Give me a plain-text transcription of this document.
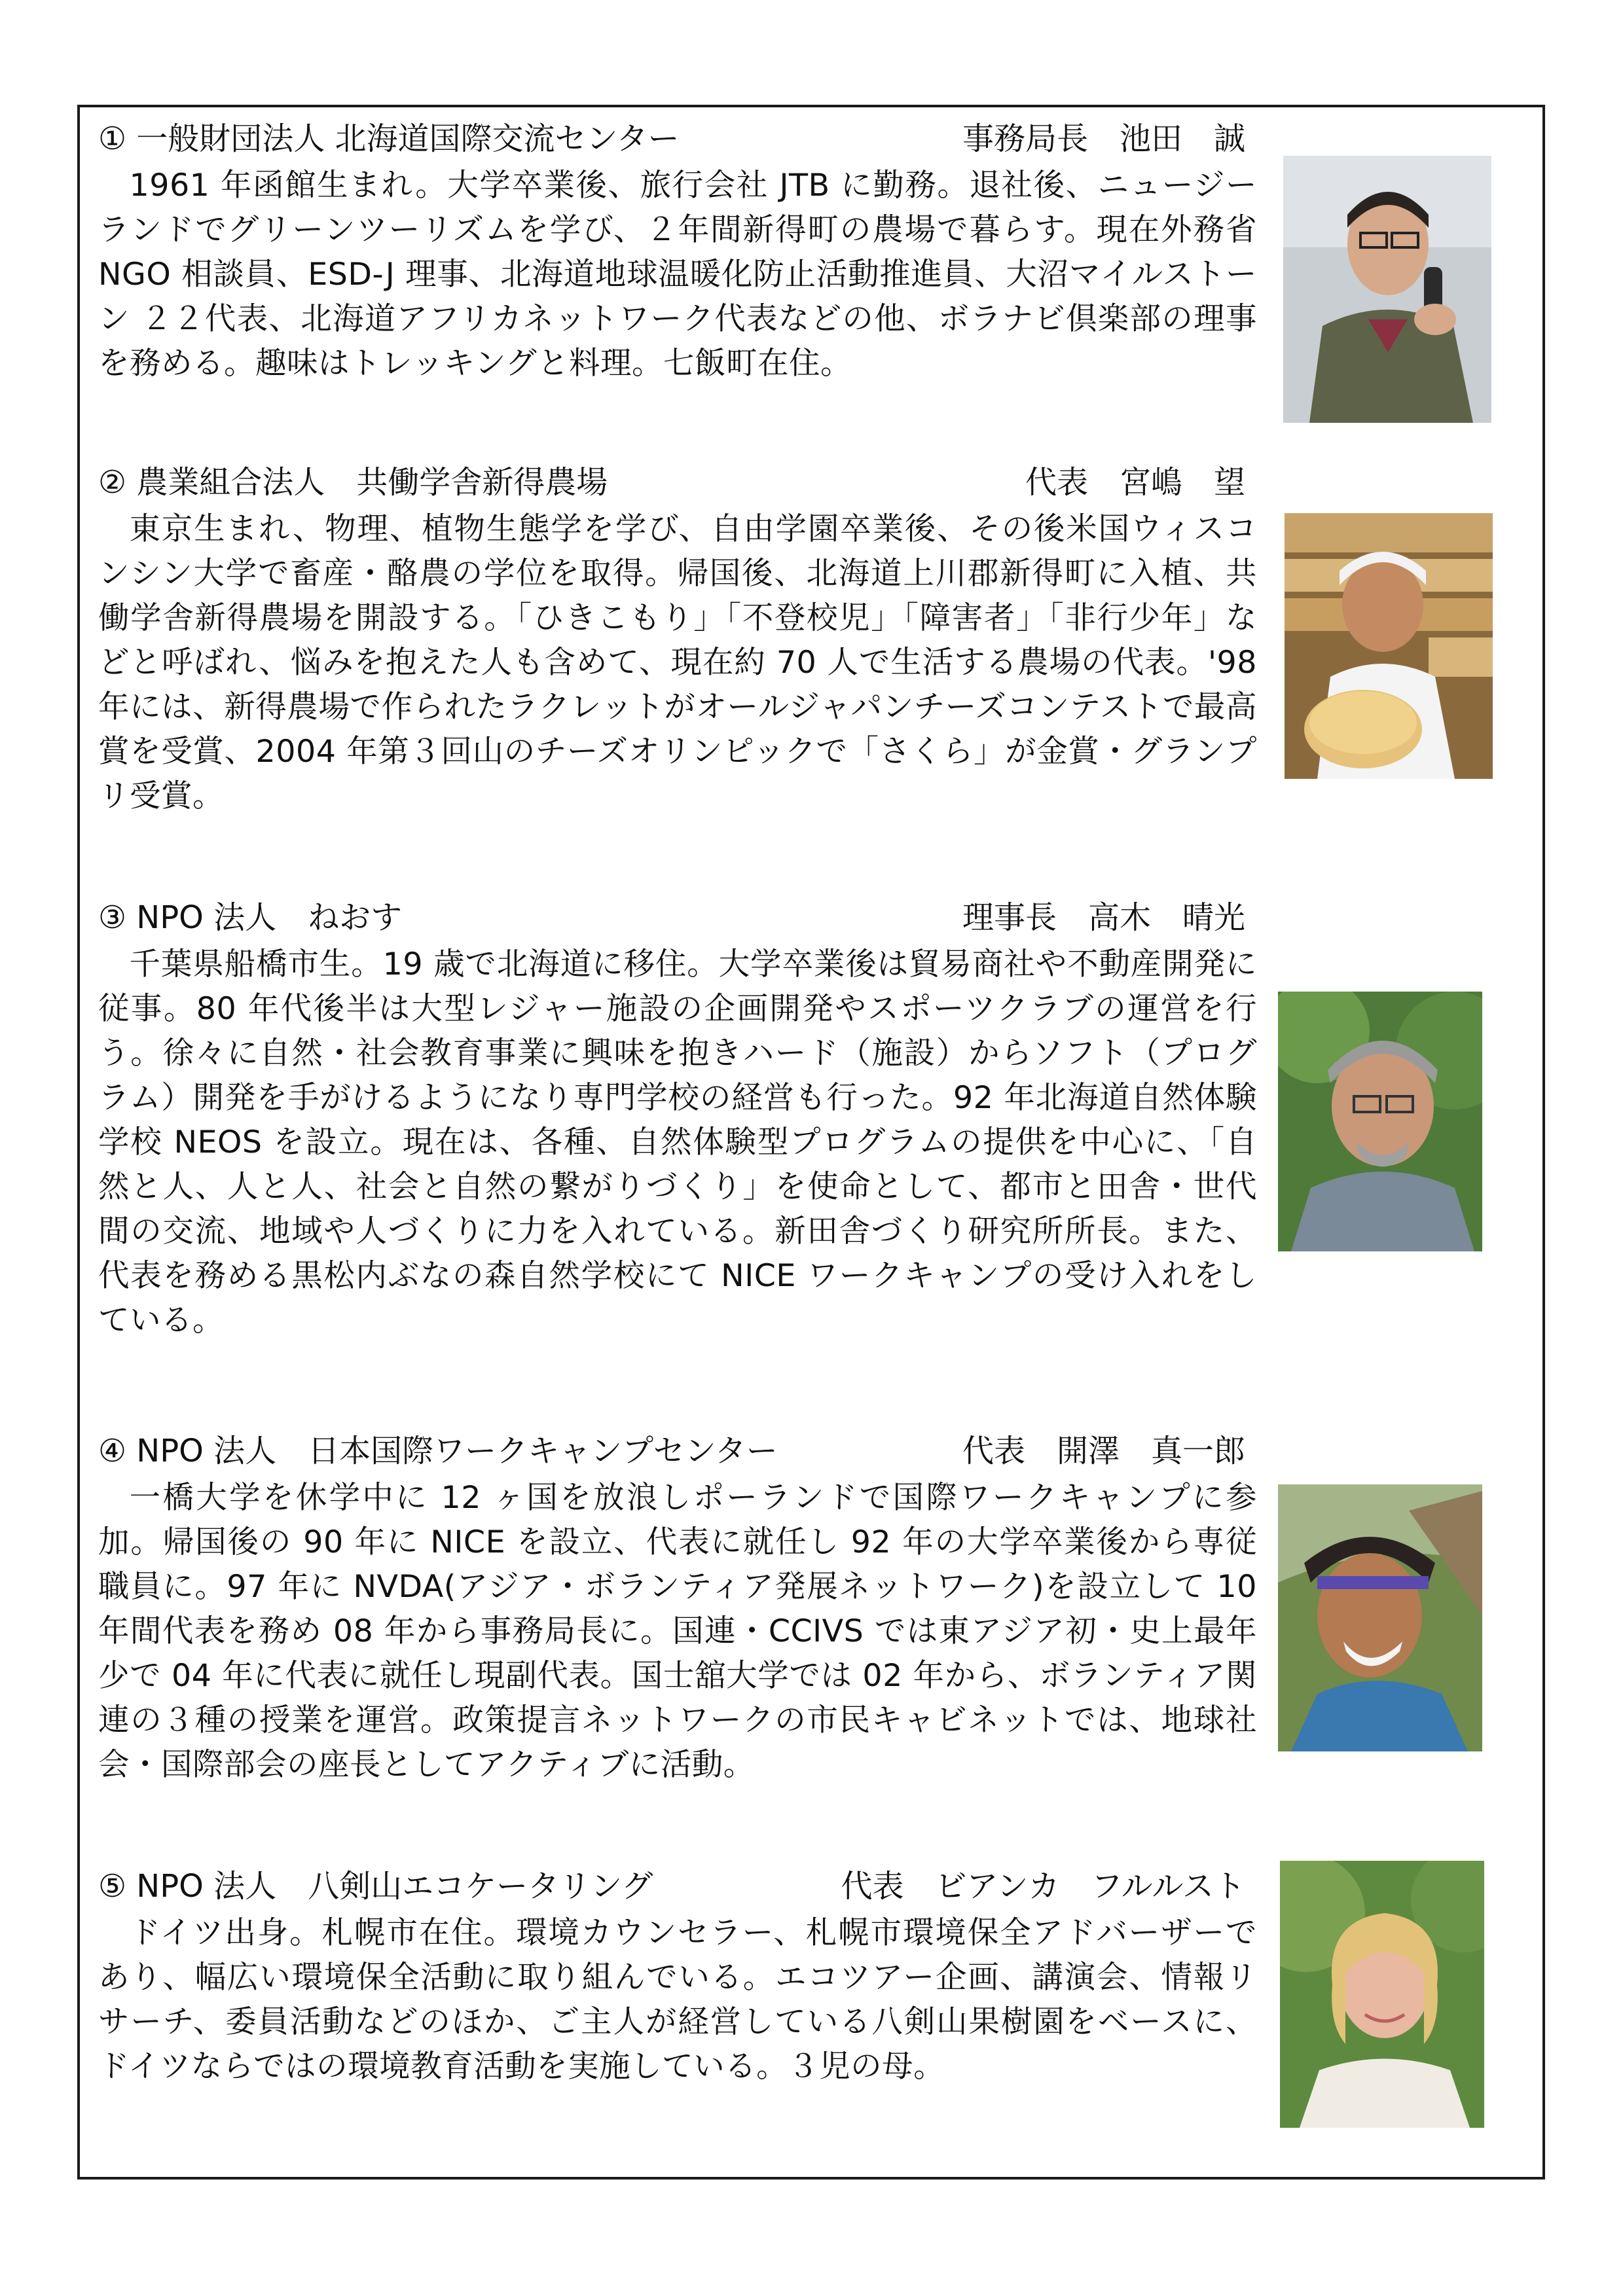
① 一般財団法人 北海道国際交流センター	事務局長　池田　誠

1961 年函館生まれ。大学卒業後、旅行会社 JTB に勤務。退社後、ニュージーランドでグリーンツーリズムを学び、２年間新得町の農場で暮らす。現在外務省 NGO 相談員、ESD-J 理事、北海道地球温暖化防止活動推進員、大沼マイルストーン ２２代表、北海道アフリカネットワーク代表などの他、ボラナビ倶楽部の理事を務める。趣味はトレッキングと料理。七飯町在住。

② 農業組合法人　共働学舎新得農場	代表　宮嶋　望

東京生まれ、物理、植物生態学を学び、自由学園卒業後、その後米国ウィスコンシン大学で畜産・酪農の学位を取得。帰国後、北海道上川郡新得町に入植、共働学舎新得農場を開設する。「ひきこもり」「不登校児」「障害者」「非行少年」などと呼ばれ、悩みを抱えた人も含めて、現在約 70 人で生活する農場の代表。'98 年には、新得農場で作られたラクレットがオールジャパンチーズコンテストで最高賞を受賞、2004 年第３回山のチーズオリンピックで「さくら」が金賞・グランプリ受賞。

③ NPO 法人　ねおす	理事長　高木　晴光

千葉県船橋市生。19 歳で北海道に移住。大学卒業後は貿易商社や不動産開発に従事。80 年代後半は大型レジャー施設の企画開発やスポーツクラブの運営を行う。徐々に自然・社会教育事業に興味を抱きハード（施設）からソフト（プログラム）開発を手がけるようになり専門学校の経営も行った。92 年北海道自然体験学校 NEOS を設立。現在は、各種、自然体験型プログラムの提供を中心に、「自然と人、人と人、社会と自然の繋がりづくり」を使命として、都市と田舎・世代間の交流、地域や人づくりに力を入れている。新田舎づくり研究所所長。また、代表を務める黒松内ぶなの森自然学校にて NICE ワークキャンプの受け入れをしている。

④ NPO 法人　日本国際ワークキャンプセンター	代表　開澤　真一郎

一橋大学を休学中に 12 ヶ国を放浪しポーランドで国際ワークキャンプに参加。帰国後の 90 年に NICE を設立、代表に就任し 92 年の大学卒業後から専従職員に。97 年に NVDA(アジア・ボランティア発展ネットワーク)を設立して 10 年間代表を務め 08 年から事務局長に。国連・CCIVS では東アジア初・史上最年少で 04 年に代表に就任し現副代表。国士舘大学では 02 年から、ボランティア関連の３種の授業を運営。政策提言ネットワークの市民キャビネットでは、地球社会・国際部会の座長としてアクティブに活動。

⑤ NPO 法人　八剣山エコケータリング	代表　ビアンカ　フルルスト

ドイツ出身。札幌市在住。環境カウンセラー、札幌市環境保全アドバーザーであり、幅広い環境保全活動に取り組んでいる。エコツアー企画、講演会、情報リサーチ、委員活動などのほか、ご主人が経営している八剣山果樹園をベースに、ドイツならではの環境教育活動を実施している。３児の母。
